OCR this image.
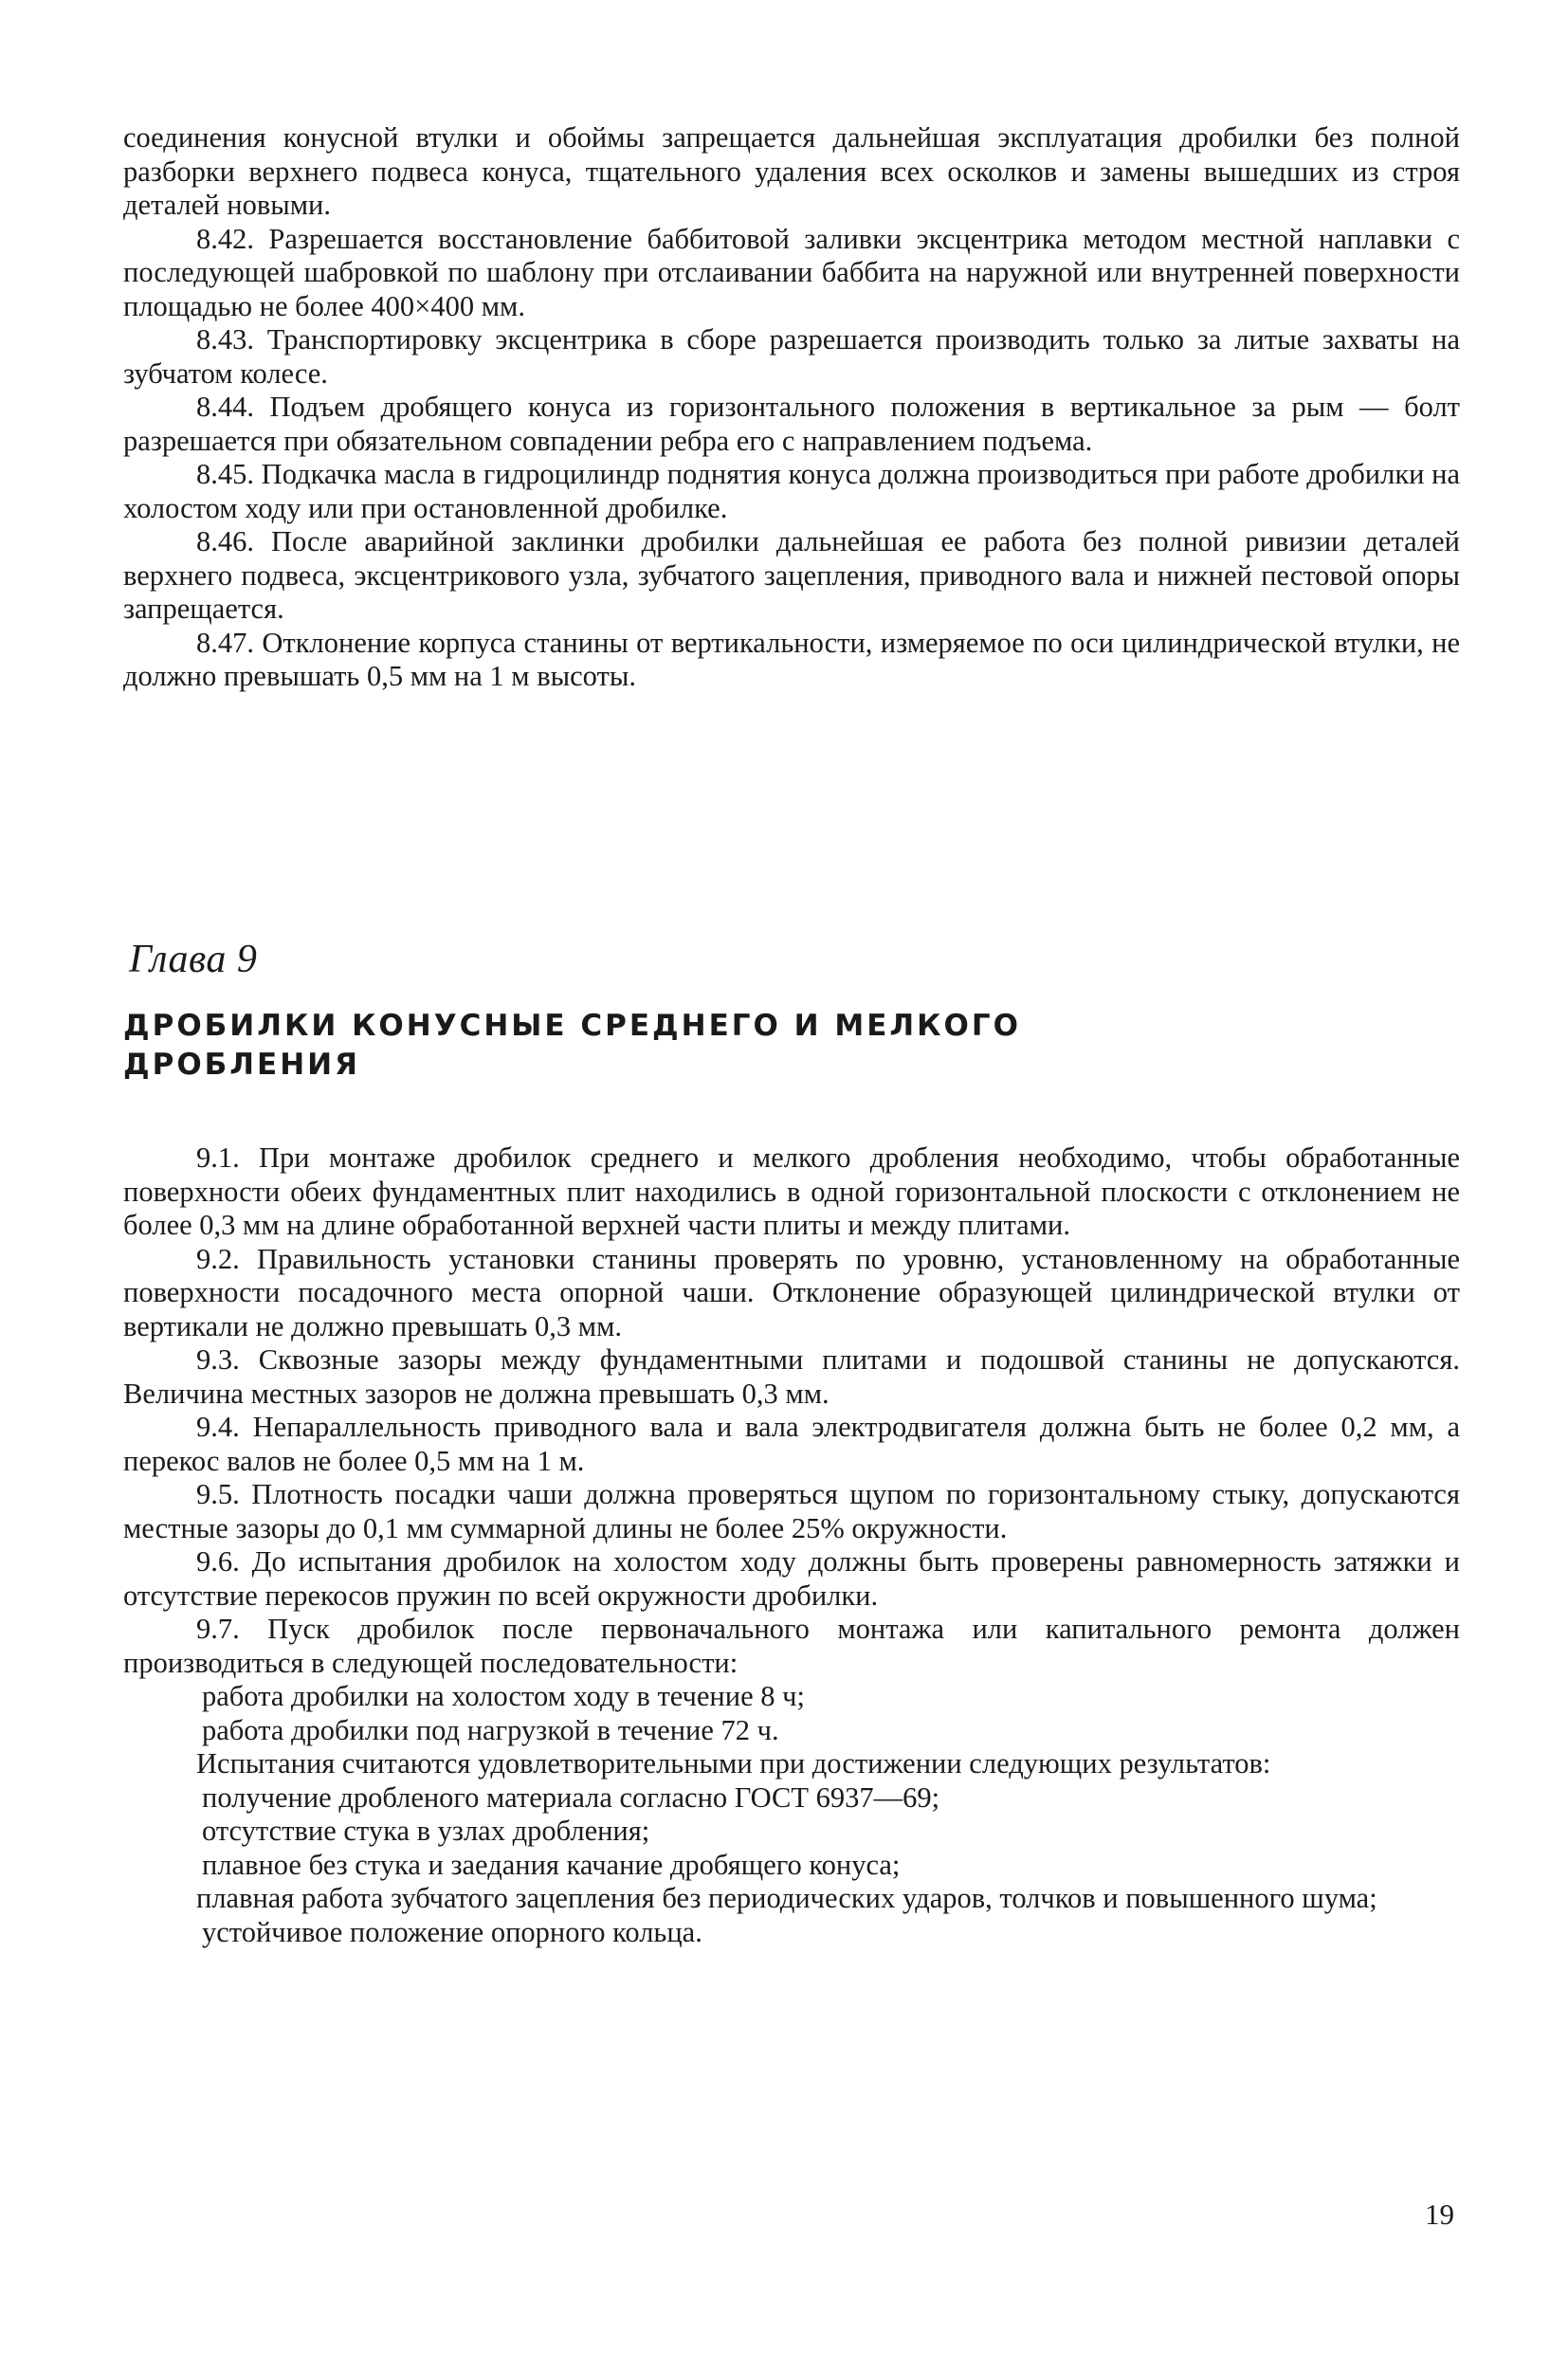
соединения конусной втулки и обоймы запрещается дальнейшая эксплуатация дробилки без полной разборки верхнего подвеса конуса, тщательного удаления всех осколков и замены вышедших из строя деталей новыми.

8.42. Разрешается восстановление баббитовой заливки эксцентрика методом местной наплавки с последующей шабровкой по шаблону при отслаивании баббита на наружной или внутренней поверхности площадью не более 400×400 мм.

8.43. Транспортировку эксцентрика в сборе разрешается производить только за литые захваты на зубчатом колесе.

8.44. Подъем дробящего конуса из горизонтального положения в вертикальное за рым — болт разрешается при обязательном совпадении ребра его с направлением подъема.

8.45. Подкачка масла в гидроцилиндр поднятия конуса должна производиться при работе дробилки на холостом ходу или при остановленной дробилке.

8.46. После аварийной заклинки дробилки дальнейшая ее работа без полной ривизии деталей верхнего подвеса, эксцентрикового узла, зубчатого зацепления, приводного вала и нижней пестовой опоры запрещается.

8.47. Отклонение корпуса станины от вертикальности, измеряемое по оси цилиндрической втулки, не должно превышать 0,5 мм на 1 м высоты.

Глава 9
ДРОБИЛКИ КОНУСНЫЕ СРЕДНЕГО И МЕЛКОГО
ДРОБЛЕНИЯ

9.1. При монтаже дробилок среднего и мелкого дробления необходимо, чтобы обработанные поверхности обеих фундаментных плит находились в одной горизонтальной плоскости с отклонением не более 0,3 мм на длине обработанной верхней части плиты и между плитами.

9.2. Правильность установки станины проверять по уровню, установленному на обработанные поверхности посадочного места опорной чаши. Отклонение образующей цилиндрической втулки от вертикали не должно превышать 0,3 мм.

9.3. Сквозные зазоры между фундаментными плитами и подошвой станины не допускаются. Величина местных зазоров не должна превышать 0,3 мм.

9.4. Непараллельность приводного вала и вала электродвигателя должна быть не более 0,2 мм, а перекос валов не более 0,5 мм на 1 м.

9.5. Плотность посадки чаши должна проверяться щупом по горизонтальному стыку, допускаются местные зазоры до 0,1 мм суммарной длины не более 25% окружности.

9.6. До испытания дробилок на холостом ходу должны быть проверены равномерность затяжки и отсутствие перекосов пружин по всей окружности дробилки.

9.7. Пуск дробилок после первоначального монтажа или капитального ремонта должен производиться в следующей последовательности:

работа дробилки на холостом ходу в течение 8 ч;

работа дробилки под нагрузкой в течение 72 ч.

Испытания считаются удовлетворительными при достижении следующих результатов:

получение дробленого материала согласно ГОСТ 6937—69;

отсутствие стука в узлах дробления;

плавное без стука и заедания качание дробящего конуса;

плавная работа зубчатого зацепления без периодических ударов, толчков и повышенного шума;

устойчивое положение опорного кольца.

19
